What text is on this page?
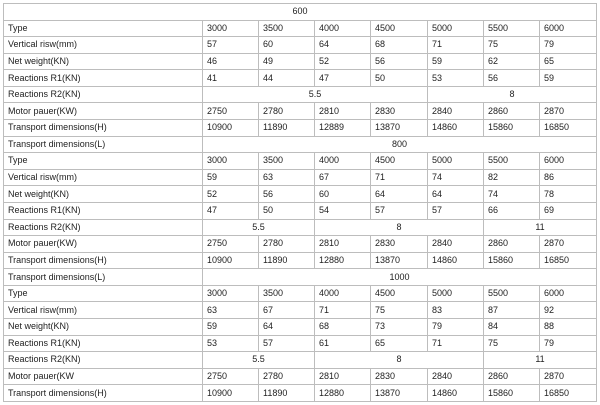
600							
Type	3000	3500	4000	4500	5000	5500	6000
Vertical risw(mm)	57	60	64	68	71	75	79
Net weight(KN)	46	49	52	56	59	62	65
Reactions R1(KN)	41	44	47	50	53	56	59
Reactions R2(KN)	5.5				8		
Motor pauer(KW)	2750	2780	2810	2830	2840	2860	2870
Transport dimensions(H)	10900	11890	12889	13870	14860	15860	16850
Transport dimensions(L)	800						
Type	3000	3500	4000	4500	5000	5500	6000
Vertical risw(mm)	59	63	67	71	74	82	86
Net weight(KN)	52	56	60	64	64	74	78
Reactions R1(KN)	47	50	54	57	57	66	69
Reactions R2(KN)	5.5		8			11	
Motor pauer(KW)	2750	2780	2810	2830	2840	2860	2870
Transport dimensions(H)	10900	11890	12880	13870	14860	15860	16850
Transport dimensions(L)	1000						
Type	3000	3500	4000	4500	5000	5500	6000
Vertical risw(mm)	63	67	71	75	83	87	92
Net weight(KN)	59	64	68	73	79	84	88
Reactions R1(KN)	53	57	61	65	71	75	79
Reactions R2(KN)	5.5		8			11	
Motor pauer(KW	2750	2780	2810	2830	2840	2860	2870
Transport dimensions(H)	10900	11890	12880	13870	14860	15860	16850
